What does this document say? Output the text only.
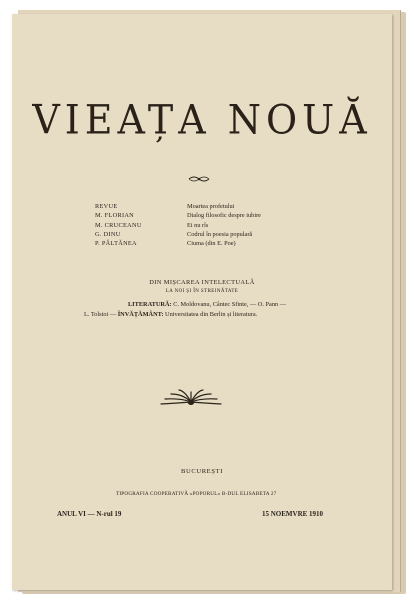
VIEAȚA NOUĂ
REVUE	Moartea profetului
M. FLORIAN	Dialog filosofic despre iubire
M. CRUCEANU	Ei nu rîs
G. DINU	Codrul în poesia populară
P. PĂLTĂNEA	Ciuma (din E. Poe)
DIN MIȘCAREA INTELECTUALĂ
LA NOI ȘI ÎN STREINĂTATE
LITERATURĂ: C. Moldovanu, Cântec Sfinte, — O. Pann —
L. Tolstoi — ÎNVĂȚĂMÂNT: Universitatea din Berlin și literatura.
BUCUREȘTI
TIPOGRAFIA COOPERATIVĂ «POPORUL» B-DUL ELISABETA 27
ANUL VI — N-rul 19	15 NOEMVRE 1910
